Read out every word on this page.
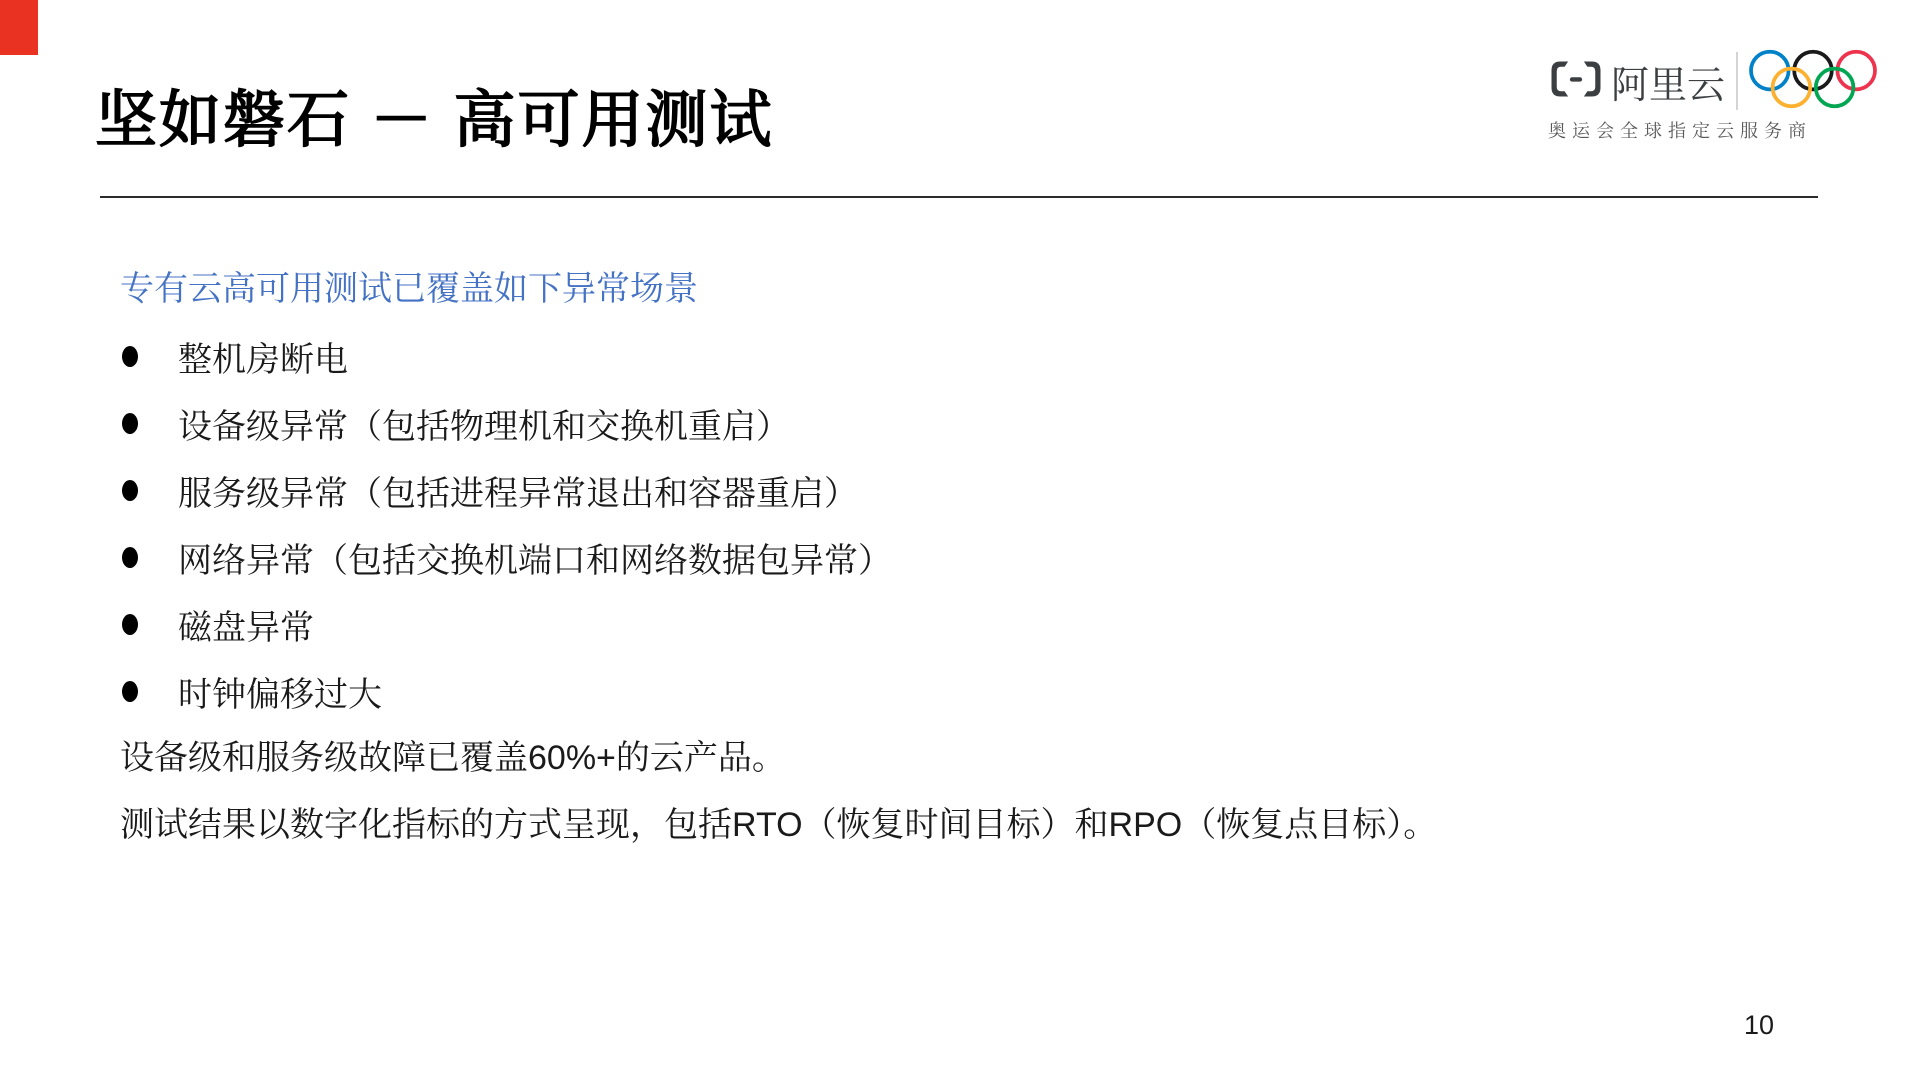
坚如磐石 － 高可用测试
阿里云
奥运会全球指定云服务商
专有云高可用测试已覆盖如下异常场景
整机房断电
设备级异常（包括物理机和交换机重启）
服务级异常（包括进程异常退出和容器重启）
网络异常（包括交换机端口和网络数据包异常）
磁盘异常
时钟偏移过大

设备级和服务级故障已覆盖60%+的云产品。

测试结果以数字化指标的方式呈现，包括RTO（恢复时间目标）和RPO（恢复点目标）。

10
